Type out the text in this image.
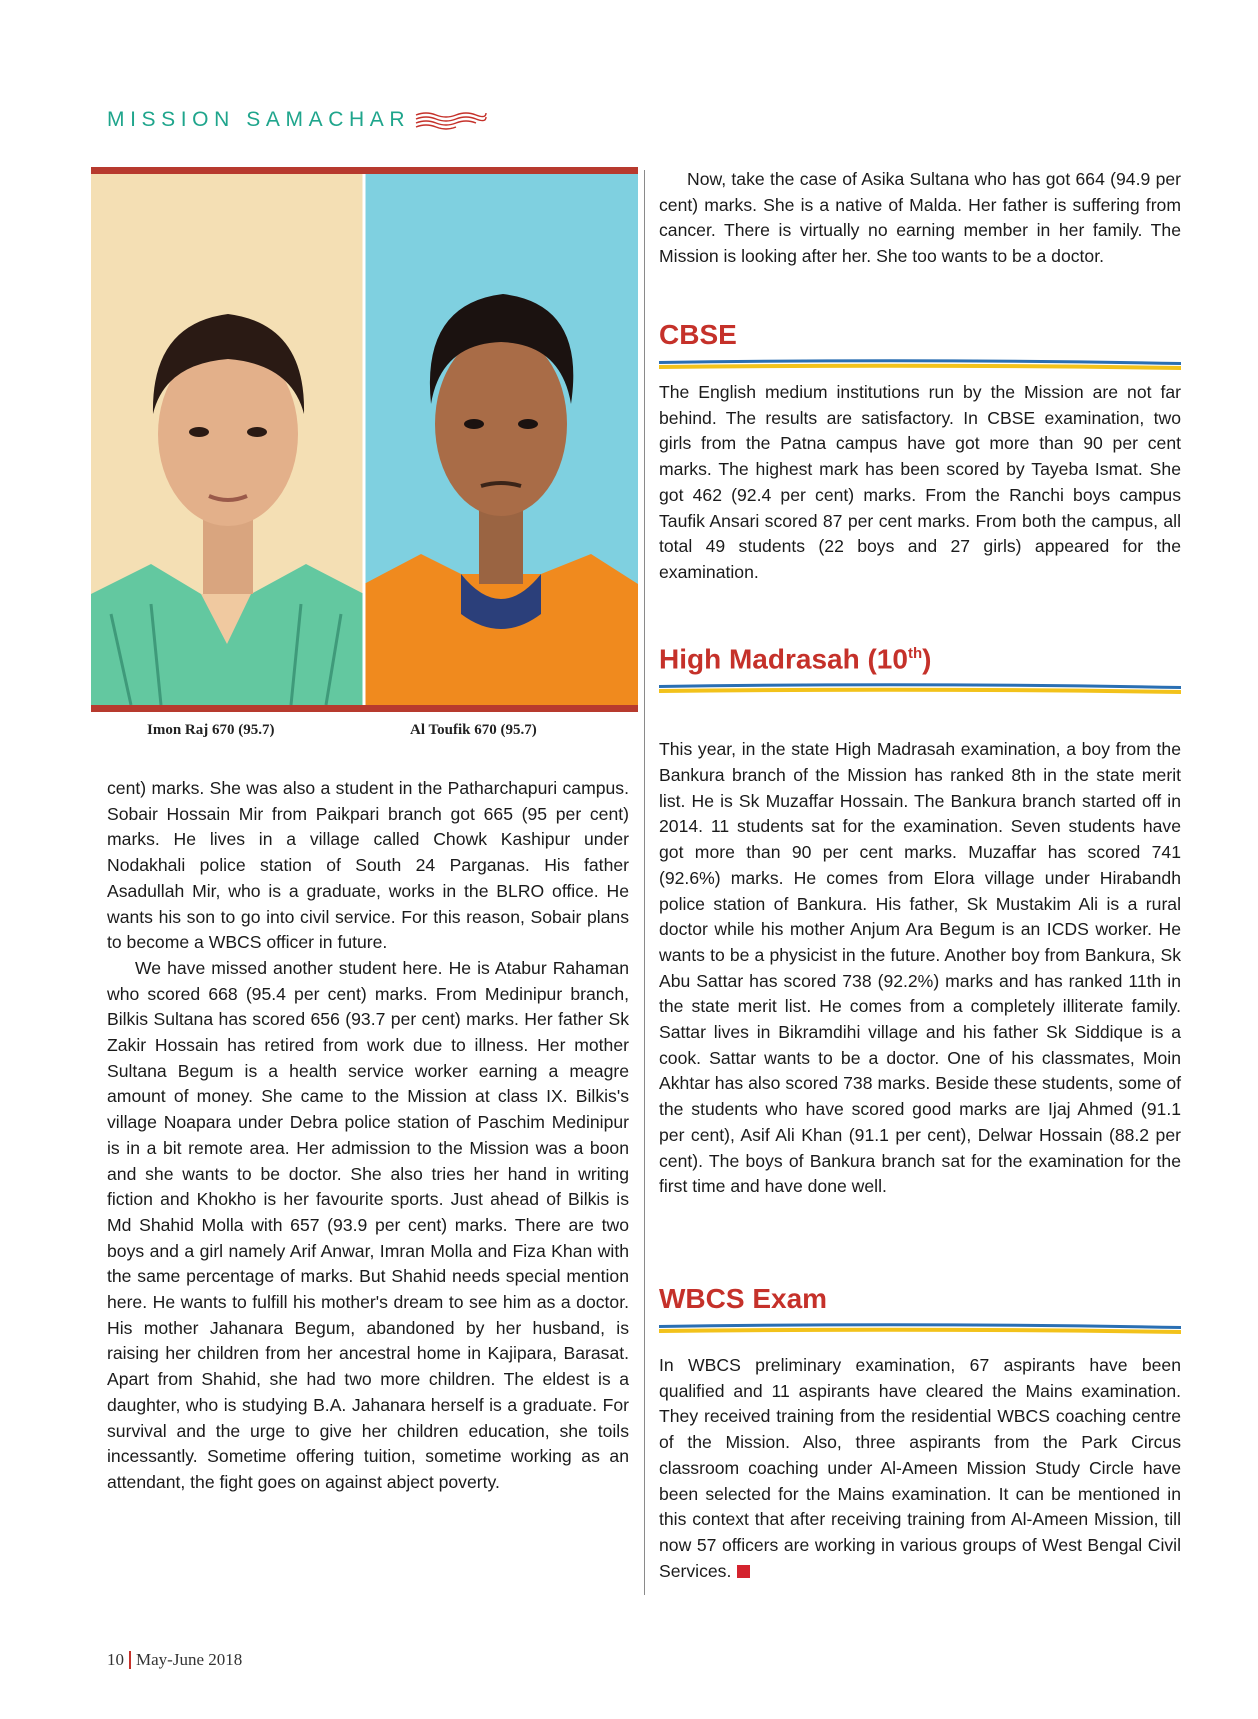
MISSION SAMACHAR
Imon Raj 670 (95.7)	Al Toufik 670 (95.7)

cent) marks. She was also a student in the Patharchapuri campus. Sobair Hossain Mir from Paikpari branch got 665 (95 per cent) marks. He lives in a village called Chowk Kashipur under Nodakhali police station of South 24 Parganas. His father Asadullah Mir, who is a graduate, works in the BLRO office. He wants his son to go into civil service. For this reason, Sobair plans to become a WBCS officer in future.

We have missed another student here. He is Atabur Rahaman who scored 668 (95.4 per cent) marks. From Medinipur branch, Bilkis Sultana has scored 656 (93.7 per cent) marks. Her father Sk Zakir Hossain has retired from work due to illness. Her mother Sultana Begum is a health service worker earning a meagre amount of money. She came to the Mission at class IX. Bilkis's village Noapara under Debra police station of Paschim Medinipur is in a bit remote area. Her admission to the Mission was a boon and she wants to be doctor. She also tries her hand in writing fiction and Khokho is her favourite sports. Just ahead of Bilkis is Md Shahid Molla with 657 (93.9 per cent) marks. There are two boys and a girl namely Arif Anwar, Imran Molla and Fiza Khan with the same percentage of marks. But Shahid needs special mention here. He wants to fulfill his mother's dream to see him as a doctor. His mother Jahanara Begum, abandoned by her husband, is raising her children from her ancestral home in Kajipara, Barasat. Apart from Shahid, she had two more children. The eldest is a daughter, who is studying B.A. Jahanara herself is a graduate. For survival and the urge to give her children education, she toils incessantly. Sometime offering tuition, sometime working as an attendant, the fight goes on against abject poverty.

Now, take the case of Asika Sultana who has got 664 (94.9 per cent) marks. She is a native of Malda. Her father is suffering from cancer. There is virtually no earning member in her family. The Mission is looking after her. She too wants to be a doctor.

CBSE
The English medium institutions run by the Mission are not far behind. The results are satisfactory. In CBSE examination, two girls from the Patna campus have got more than 90 per cent marks. The highest mark has been scored by Tayeba Ismat. She got 462 (92.4 per cent) marks. From the Ranchi boys campus Taufik Ansari scored 87 per cent marks. From both the campus, all total 49 students (22 boys and 27 girls) appeared for the examination.
High Madrasah (10th)
This year, in the state High Madrasah examination, a boy from the Bankura branch of the Mission has ranked 8th in the state merit list. He is Sk Muzaffar Hossain. The Bankura branch started off in 2014. 11 students sat for the examination. Seven students have got more than 90 per cent marks. Muzaffar has scored 741 (92.6%) marks. He comes from Elora village under Hirabandh police station of Bankura. His father, Sk Mustakim Ali is a rural doctor while his mother Anjum Ara Begum is an ICDS worker. He wants to be a physicist in the future. Another boy from Bankura, Sk Abu Sattar has scored 738 (92.2%) marks and has ranked 11th in the state merit list. He comes from a completely illiterate family. Sattar lives in Bikramdihi village and his father Sk Siddique is a cook. Sattar wants to be a doctor. One of his classmates, Moin Akhtar has also scored 738 marks. Beside these students, some of the students who have scored good marks are Ijaj Ahmed (91.1 per cent), Asif Ali Khan (91.1 per cent), Delwar Hossain (88.2 per cent). The boys of Bankura branch sat for the examination for the first time and have done well.
WBCS Exam
In WBCS preliminary examination, 67 aspirants have been qualified and 11 aspirants have cleared the Mains examination. They received training from the residential WBCS coaching centre of the Mission. Also, three aspirants from the Park Circus classroom coaching under Al-Ameen Mission Study Circle have been selected for the Mains examination. It can be mentioned in this context that after receiving training from Al-Ameen Mission, till now 57 officers are working in various groups of West Bengal Civil Services.
10 May-June 2018
